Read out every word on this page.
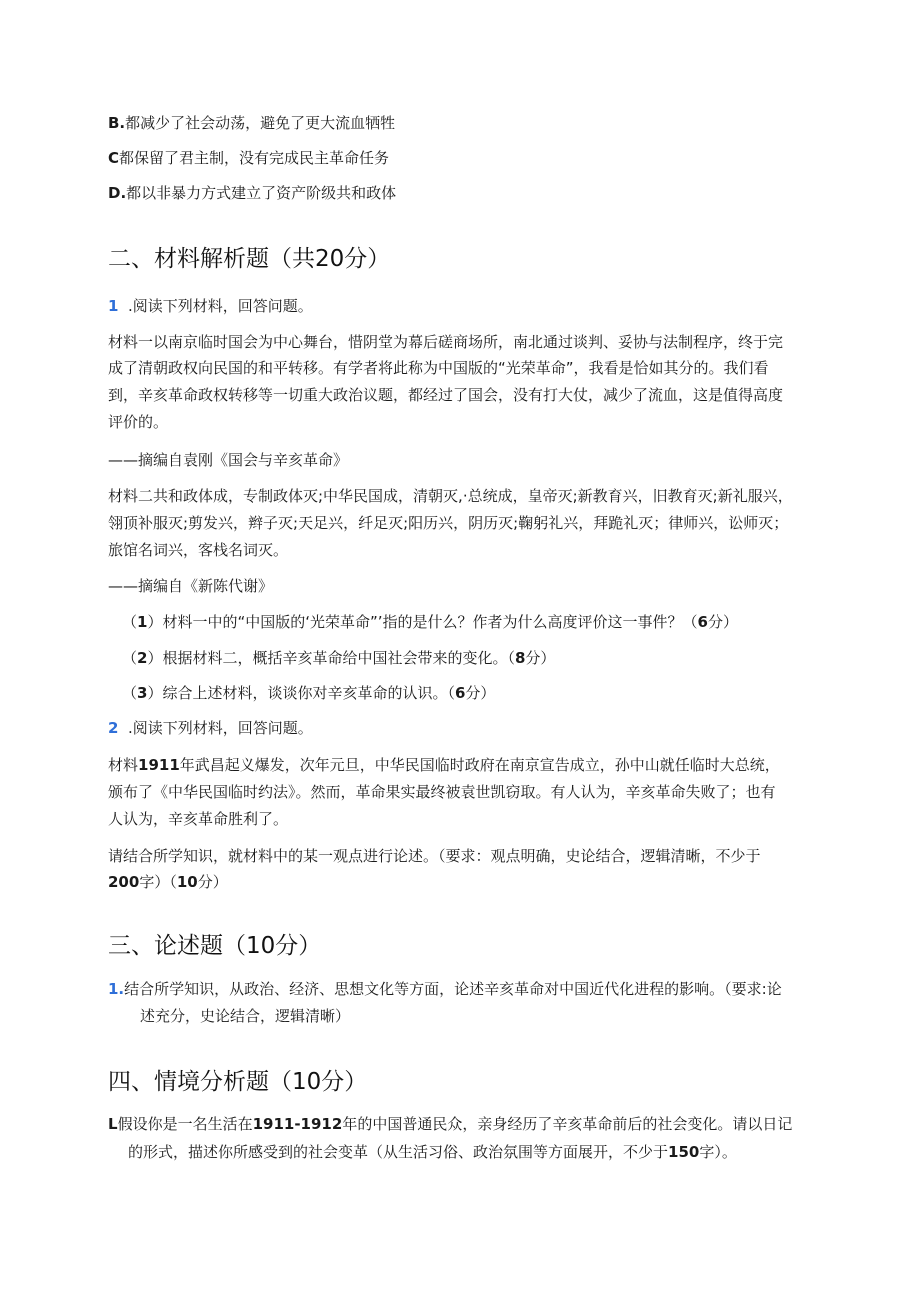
B.都减少了社会动荡，避免了更大流血牺牲
C都保留了君主制，没有完成民主革命任务
D.都以非暴力方式建立了资产阶级共和政体
二、材料解析题（共20分）
1 .阅读下列材料，回答问题。
材料一以南京临时国会为中心舞台，惜阴堂为幕后磋商场所，南北通过谈判、妥协与法制程序，终于完
成了清朝政权向民国的和平转移。有学者将此称为中国版的“光荣革命”，我看是恰如其分的。我们看
到，辛亥革命政权转移等一切重大政治议题，都经过了国会，没有打大仗，减少了流血，这是值得高度
评价的。
——摘编自袁刚《国会与辛亥革命》
材料二共和政体成，专制政体灭;中华民国成，清朝灭,·总统成，皇帝灭;新教育兴，旧教育灭;新礼服兴，
翎顶补服灭;剪发兴，辫子灭;天足兴，纤足灭;阳历兴，阴历灭;鞠躬礼兴，拜跪礼灭；律师兴，讼师灭；
旅馆名词兴，客栈名词灭。
——摘编自《新陈代谢》
（1）材料一中的“中国版的‘光荣革命”’指的是什么？作者为什么高度评价这一事件？（6分）
（2）根据材料二，概括辛亥革命给中国社会带来的变化。（8分）
（3）综合上述材料，谈谈你对辛亥革命的认识。（6分）
2 .阅读下列材料，回答问题。
材料1911年武昌起义爆发，次年元旦，中华民国临时政府在南京宣告成立，孙中山就任临时大总统，
颁布了《中华民国临时约法》。然而，革命果实最终被袁世凯窃取。有人认为，辛亥革命失败了；也有
人认为，辛亥革命胜利了。
请结合所学知识，就材料中的某一观点进行论述。（要求：观点明确，史论结合，逻辑清晰，不少于
200字）（10分）
三、论述题（10分）
1.结合所学知识，从政治、经济、思想文化等方面，论述辛亥革命对中国近代化进程的影响。（要求:论
述充分，史论结合，逻辑清晰）
四、情境分析题（10分）
L假设你是一名生活在1911-1912年的中国普通民众，亲身经历了辛亥革命前后的社会变化。请以日记
的形式，描述你所感受到的社会变革（从生活习俗、政治氛围等方面展开，不少于150字）。
